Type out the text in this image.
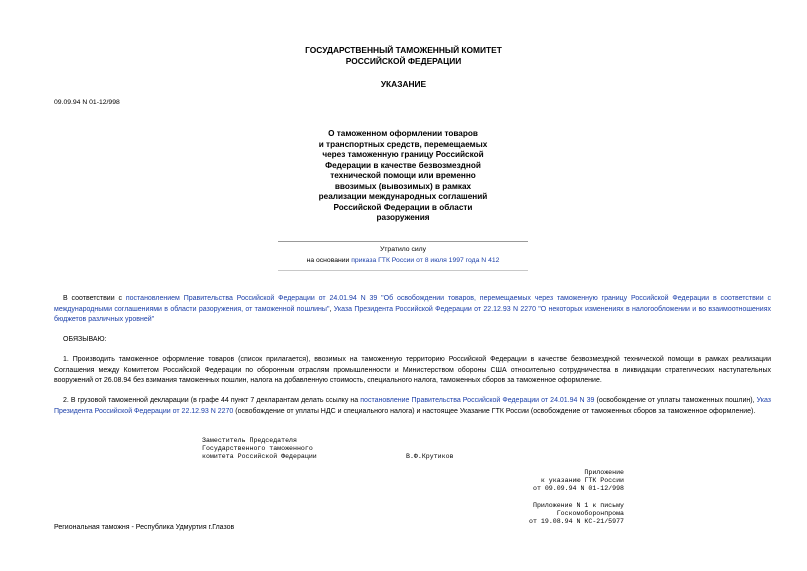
ГОСУДАРСТВЕННЫЙ ТАМОЖЕННЫЙ КОМИТЕТ
РОССИЙСКОЙ ФЕДЕРАЦИИ
УКАЗАНИЕ
09.09.94 N 01-12/998
О таможенном оформлении товаров
и транспортных средств, перемещаемых
через таможенную границу Российской
Федерации в качестве безвозмездной
технической помощи или временно
ввозимых (вывозимых) в рамках
реализации международных соглашений
Российской Федерации в области
разоружения
Утратило силу
на основании приказа ГТК России от 8 июля 1997 года N 412
В соответствии с постановлением Правительства Российской Федерации от 24.01.94 N 39 "Об освобождении товаров, перемещаемых через таможенную границу Российской Федерации в соответствии с международными соглашениями в области разоружения, от таможенной пошлины", Указа Президента Российской Федерации от 22.12.93 N 2270 "О некоторых изменениях в налогообложении и во взаимоотношениях бюджетов различных уровней"
ОБЯЗЫВАЮ:
1. Производить таможенное оформление товаров (список прилагается), ввозимых на таможенную территорию Российской Федерации в качестве безвозмездной технической помощи в рамках реализации Соглашения между Комитетом Российской Федерации по оборонным отраслям промышленности и Министерством обороны США относительно сотрудничества в ликвидации стратегических наступательных вооружений от 26.08.94 без взимания таможенных пошлин, налога на добавленную стоимость, специального налога, таможенных сборов за таможенное оформление.
2. В грузовой таможенной декларации (в графе 44 пункт 7 декларантам делать ссылку на постановление Правительства Российской Федерации от 24.01.94 N 39 (освобождение от уплаты таможенных пошлин), Указ Президента Российской Федерации от 22.12.93 N 2270 (освобождение от уплаты НДС и специального налога) и настоящее Указание ГТК России (освобождение от таможенных сборов за таможенное оформление).
Заместитель Председателя
Государственного таможенного
комитета Российской Федерации	В.Ф.Крутиков
Приложение
к указанию ГТК России
от 09.09.94 N 01-12/998
Приложение N 1 к письму
Госкомоборонпрома
от 19.08.94 N КС-21/5977
Региональная таможня - Республика Удмуртия г.Глазов
